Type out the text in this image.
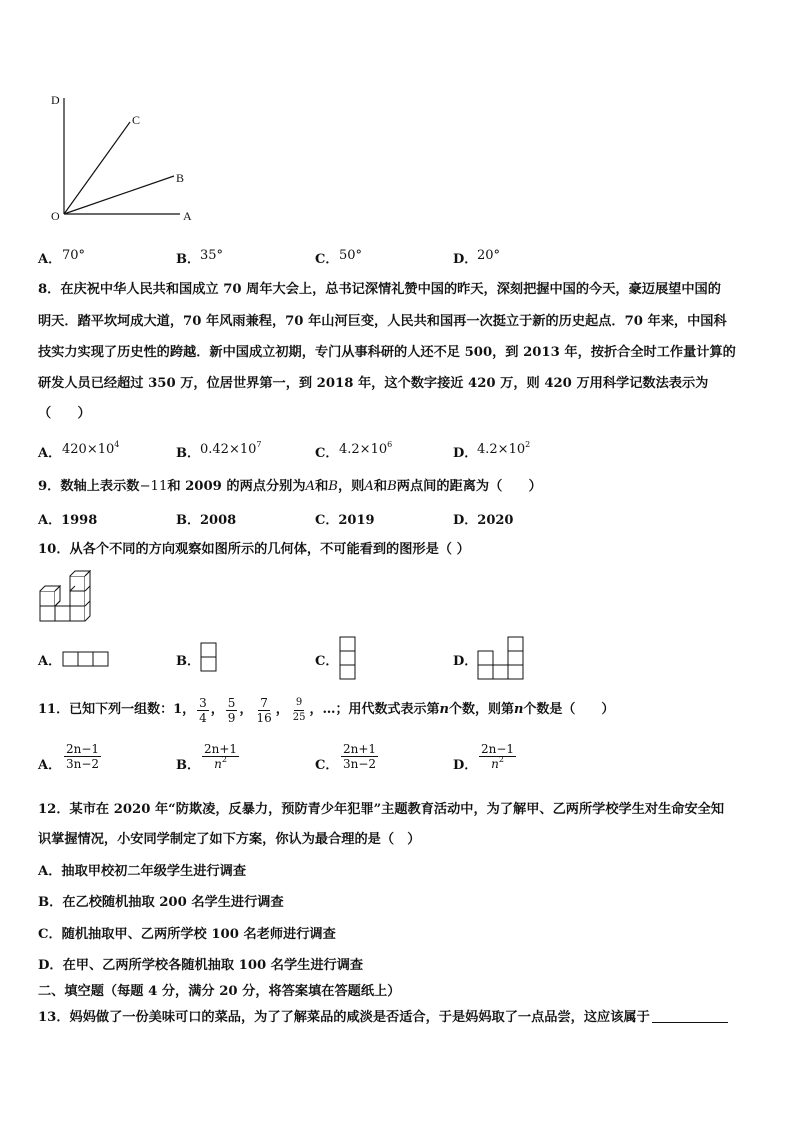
D
C
B
O	A
A． 70°	B． 35°	C． 50°	D． 20°
8．在庆祝中华人民共和国成立 70 周年大会上，总书记深情礼赞中国的昨天，深刻把握中国的今天，豪迈展望中国的
明天．踏平坎坷成大道，70 年风雨兼程，70 年山河巨变，人民共和国再一次挺立于新的历史起点．70 年来，中国科
技实力实现了历史性的跨越．新中国成立初期，专门从事科研的人还不足 500，到 2013 年，按折合全时工作量计算的
研发人员已经超过 350 万，位居世界第一，到 2018 年，这个数字接近 420 万，则 420 万用科学记数法表示为
（　　）
A． $420\times 10^4$
B． $0.42\times 10^7$
C． $4.2\times 10^6$
D． $4.2\times 10^2$
9．数轴上表示数−11和 2009 的两点分别为A和B，则A和B两点间的距离为（　　）
A．1998	B．2008	C．2019	D．2020
10．从各个不同的方向观察如图所示的几何体，不可能看到的图形是（ ）
A．	B．	C．	D．
11．已知下列一组数：1， $\frac{3}{4}$ ， $\frac{5}{9}$ ， $\frac{7}{16}$ ， $\frac{9}{25}$ ，…；用代数式表示第 n 个数，则第 n 个数是（　　）
A． $\frac{2n-1}{3n-2}$	B． $\frac{2n+1}{n^2}$	C． $\frac{2n+1}{3n-2}$	D． $\frac{2n-1}{n^2}$
12．某市在 2020 年“防欺凌，反暴力，预防青少年犯罪”主题教育活动中，为了解甲、乙两所学校学生对生命安全知
识掌握情况，小安同学制定了如下方案，你认为最合理的是（　）
A．抽取甲校初二年级学生进行调查
B．在乙校随机抽取 200 名学生进行调查
C．随机抽取甲、乙两所学校 100 名老师进行调查
D．在甲、乙两所学校各随机抽取 100 名学生进行调查
二、填空题（每题 4 分，满分 20 分，将答案填在答题纸上）
13．妈妈做了一份美味可口的菜品，为了了解菜品的咸淡是否适合，于是妈妈取了一点品尝，这应该属于
